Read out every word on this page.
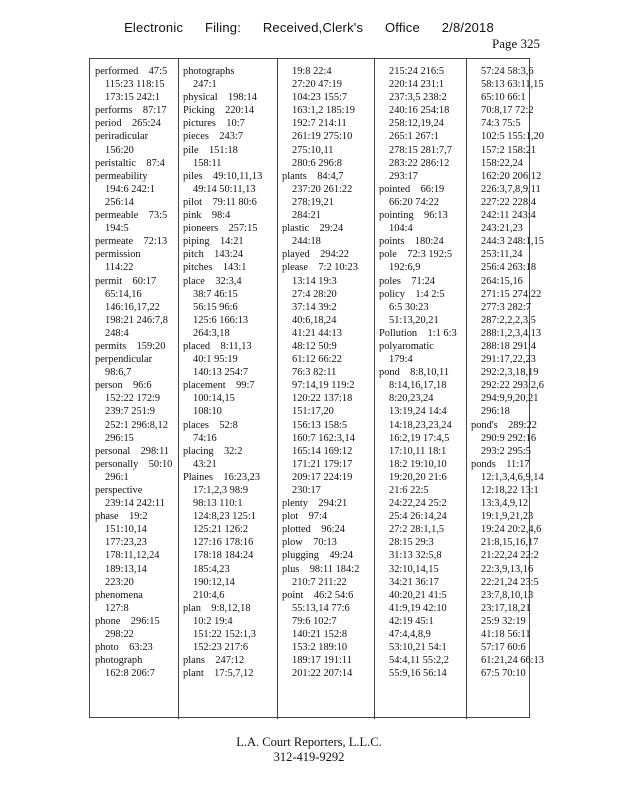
Electronic Filing: Received,Clerk's Office 2/8/2018
Page 325
performed  47:5
115:23 118:15
173:15 242:1
performs  87:17
period  265:24
periradicular
156:20
peristaltic  87:4
permeability
194:6 242:1
256:14
permeable  73:5
194:5
permeate  72:13
permission
114:22
permit  60:17
65:14,16
146:16,17,22
198:21 246:7,8
248:4
permits  159:20
perpendicular
98:6,7
person  96:6
152:22 172:9
239:7 251:9
252:1 296:8,12
296:15
personal  298:11
personally  50:10
296:1
perspective
239:14 242:11
phase  19:2
151:10,14
177:23,23
178:11,12,24
189:13,14
223:20
phenomena
127:8
phone  296:15
298:22
photo  63:23
photograph
162:8 206:7
photographs
247:1
physical  198:14
Picking  220:14
pictures  10:7
pieces  243:7
pile  151:18
158:11
piles  49:10,11,13
49:14 50:11,13
pilot  79:11 80:6
pink  98:4
pioneers  257:15
piping  14:21
pitch  143:24
pitches  143:1
place  32:3,4
38:7 46:15
56:15 96:6
125:6 166:13
264:3,18
placed  8:11,13
40:1 95:19
140:13 254:7
placement  99:7
100:14,15
108:10
places  52:8
74:16
placing  32:2
43:21
Plaines  16:23,23
17:1,2,3 98:9
98:13 110:1
124:8,23 125:1
125:21 126:2
127:16 178:16
178:18 184:24
185:4,23
190:12,14
210:4,6
plan  9:8,12,18
10:2 19:4
151:22 152:1,3
152:23 217:6
plans  247:12
plant  17:5,7,12
19:8 22:4
27:20 47:19
104:23 155:7
163:1,2 185:19
192:7 214:11
261:19 275:10
275:10,11
280:6 296:8
plants  84:4,7
237:20 261:22
278:19,21
284:21
plastic  29:24
244:18
played  294:22
please  7:2 10:23
13:14 19:3
27:4 28:20
37:14 39:2
40:6,18,24
41:21 44:13
48:12 50:9
61:12 66:22
76:3 82:11
97:14,19 119:2
120:22 137:18
151:17,20
156:13 158:5
160:7 162:3,14
165:14 169:12
171:21 179:17
209:17 224:19
230:17
plenty  294:21
plot  97:4
plotted  96:24
plow  70:13
plugging  49:24
plus  98:11 184:2
210:7 211:22
point  46:2 54:6
55:13,14 77:6
79:6 102:7
140:21 152:8
153:2 189:10
189:17 191:11
201:22 207:14
215:24 216:5
220:14 231:1
237:3,5 238:2
240:16 254:18
258:12,19,24
265:1 267:1
278:15 281:7,7
283:22 286:12
293:17
pointed  66:19
66:20 74:22
pointing  96:13
104:4
points  180:24
pole  72:3 192:5
192:6,9
poles  71:24
policy  1:4 2:5
6:5 30:23
51:13,20,21
Pollution  1:1 6:3
polyaromatic
179:4
pond  8:8,10,11
8:14,16,17,18
8:20,23,24
13:19,24 14:4
14:18,23,23,24
16:2,19 17:4,5
17:10,11 18:1
18:2 19:10,10
19:20,20 21:6
21:6 22:5
24:22,24 25:2
25:4 26:14,24
27:2 28:1,1,5
28:15 29:3
31:13 32:5,8
32:10,14,15
34:21 36:17
40:20,21 41:5
41:9,19 42:10
42:19 45:1
47:4,4,8,9
53:10,21 54:1
54:4,11 55:2,2
55:9,16 56:14
57:24 58:3,6
58:13 63:11,15
65:10 66:1
70:8,17 72:2
74:3 75:5
102:5 155:1,20
157:2 158:21
158:22,24
162:20 206:12
226:3,7,8,9,11
227:22 228:4
242:11 243:4
243:21,23
244:3 248:1,15
253:11,24
256:4 263:18
264:15,16
271:15 274:22
277:3 282:7
287:2,2,2,3,5
288:1,2,3,4,13
288:18 291:4
291:17,22,23
292:2,3,18,19
292:22 293:2,6
294:9,9,20,21
296:18
pond's  289:22
290:9 292:16
293:2 295:5
ponds  11:17
12:1,3,4,6,9,14
12:18,22 13:1
13:3,4,9,12
19:1,9,21,23
19:24 20:2,4,6
21:8,15,16,17
21:22,24 22:2
22:3,9,13,16
22:21,24 23:5
23:7,8,10,13
23:17,18,21
25:9 32:19
41:18 56:11
57:17 60:6
61:21,24 66:13
67:5 70:10
L.A. Court Reporters, L.L.C.
312-419-9292
